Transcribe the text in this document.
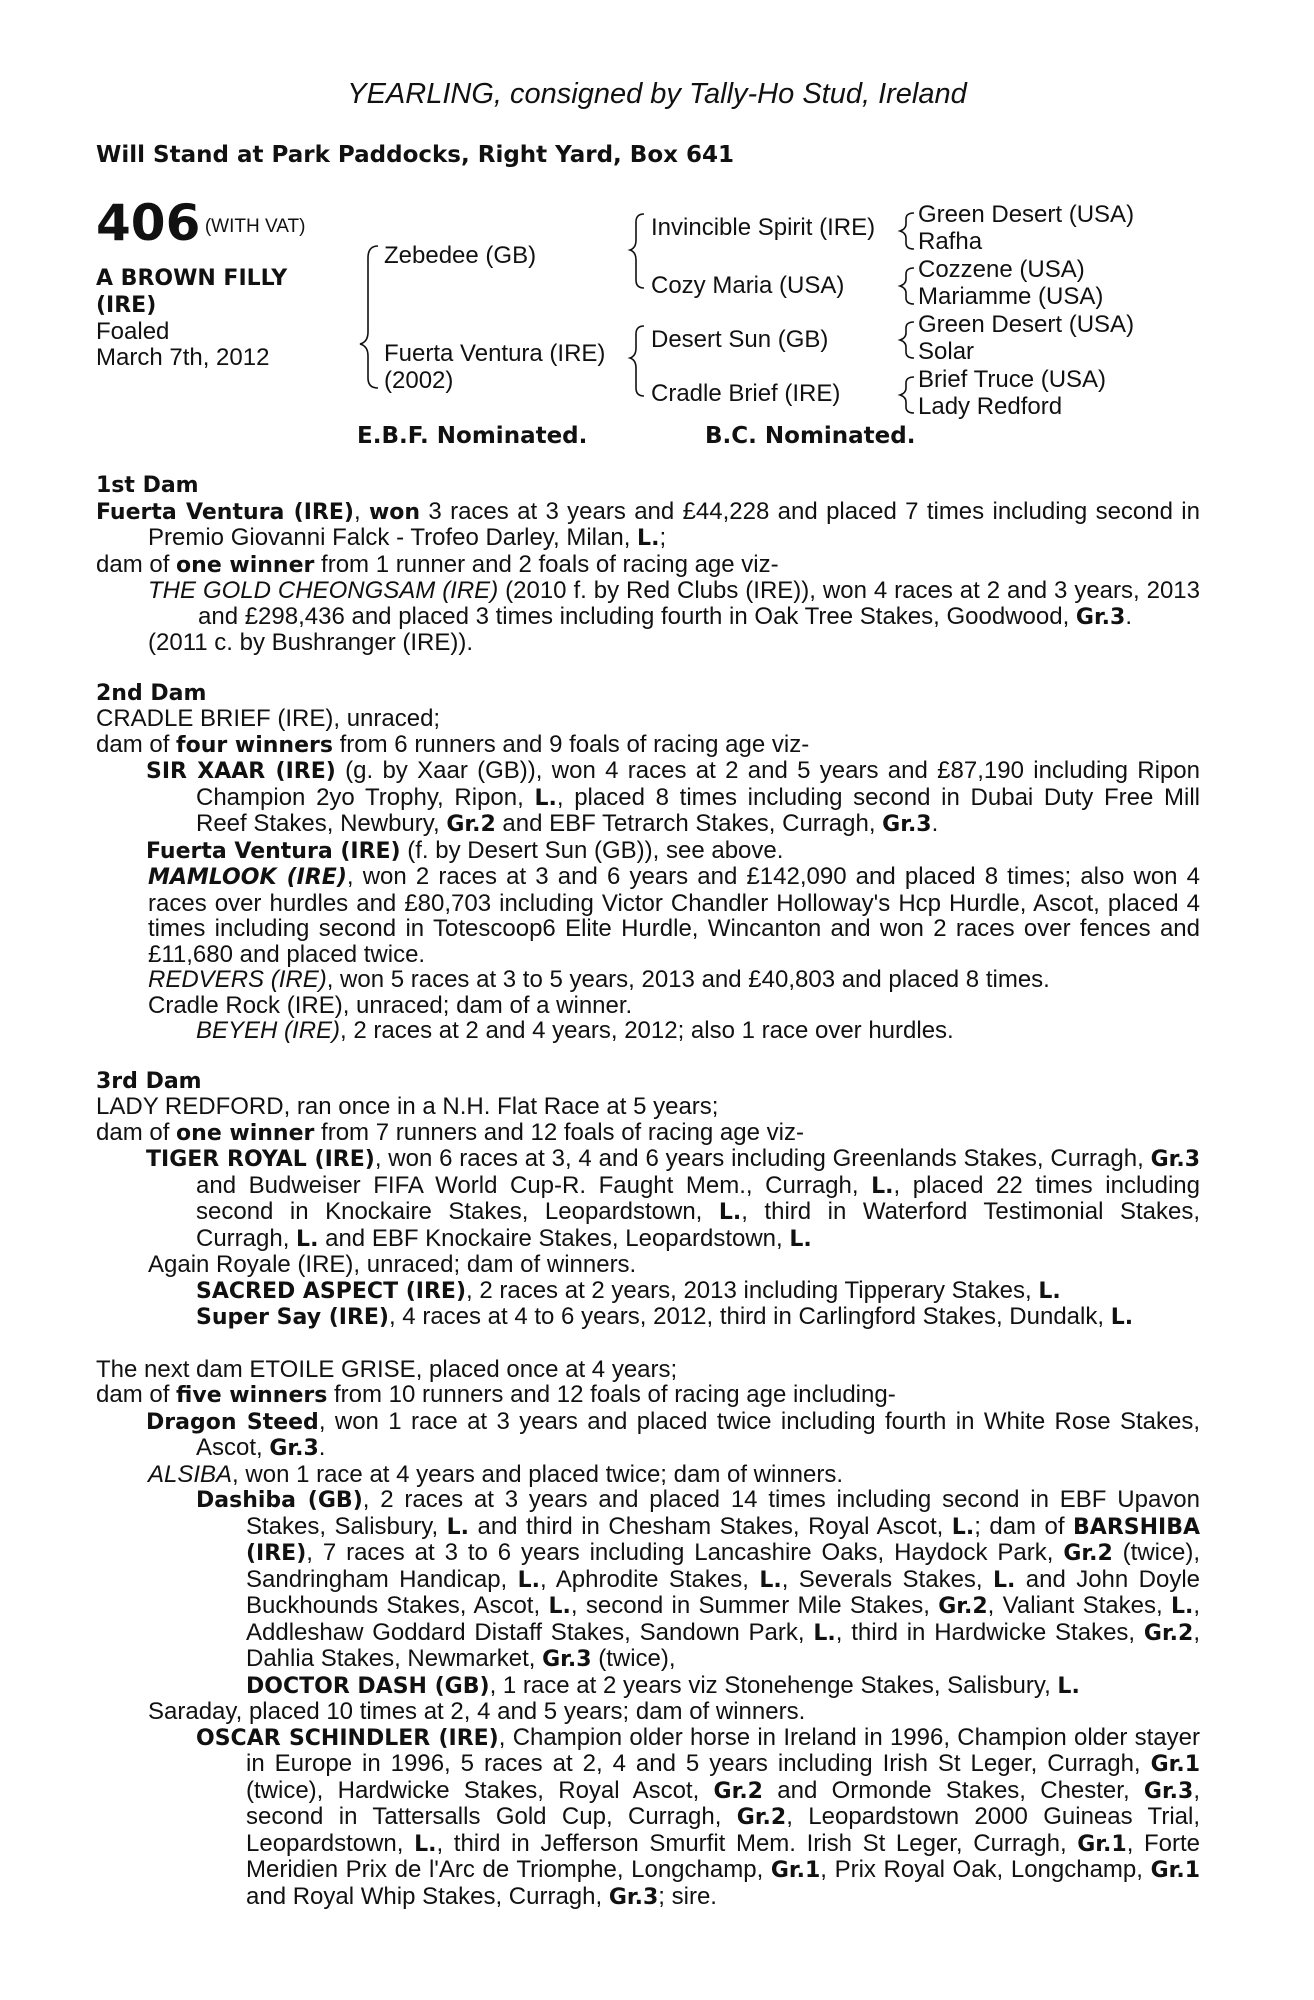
YEARLING, consigned by Tally-Ho Stud, Ireland
Will Stand at Park Paddocks, Right Yard, Box 641
406 (WITH VAT)
A BROWN FILLY
(IRE)
Foaled
March 7th, 2012
Zebedee (GB)
Fuerta Ventura (IRE)
(2002)
Invincible Spirit (IRE)
Cozy Maria (USA)
Desert Sun (GB)
Cradle Brief (IRE)
Green Desert (USA)
Rafha
Cozzene (USA)
Mariamme (USA)
Green Desert (USA)
Solar
Brief Truce (USA)
Lady Redford
E.B.F. Nominated.	B.C. Nominated.
1st Dam
Fuerta Ventura (IRE), won 3 races at 3 years and £44,228 and placed 7 times including second in Premio Giovanni Falck - Trofeo Darley, Milan, L.;
dam of one winner from 1 runner and 2 foals of racing age viz-
THE GOLD CHEONGSAM (IRE) (2010 f. by Red Clubs (IRE)), won 4 races at 2 and 3 years, 2013 and £298,436 and placed 3 times including fourth in Oak Tree Stakes, Goodwood, Gr.3.
(2011 c. by Bushranger (IRE)).
2nd Dam
CRADLE BRIEF (IRE), unraced;
dam of four winners from 6 runners and 9 foals of racing age viz-
SIR XAAR (IRE) (g. by Xaar (GB)), won 4 races at 2 and 5 years and £87,190 including Ripon Champion 2yo Trophy, Ripon, L., placed 8 times including second in Dubai Duty Free Mill Reef Stakes, Newbury, Gr.2 and EBF Tetrarch Stakes, Curragh, Gr.3.
Fuerta Ventura (IRE) (f. by Desert Sun (GB)), see above.
MAMLOOK (IRE), won 2 races at 3 and 6 years and £142,090 and placed 8 times; also won 4 races over hurdles and £80,703 including Victor Chandler Holloway's Hcp Hurdle, Ascot, placed 4 times including second in Totescoop6 Elite Hurdle, Wincanton and won 2 races over fences and £11,680 and placed twice.
REDVERS (IRE), won 5 races at 3 to 5 years, 2013 and £40,803 and placed 8 times.
Cradle Rock (IRE), unraced; dam of a winner.
BEYEH (IRE), 2 races at 2 and 4 years, 2012; also 1 race over hurdles.
3rd Dam
LADY REDFORD, ran once in a N.H. Flat Race at 5 years;
dam of one winner from 7 runners and 12 foals of racing age viz-
TIGER ROYAL (IRE), won 6 races at 3, 4 and 6 years including Greenlands Stakes, Curragh, Gr.3 and Budweiser FIFA World Cup-R. Faught Mem., Curragh, L., placed 22 times including second in Knockaire Stakes, Leopardstown, L., third in Waterford Testimonial Stakes, Curragh, L. and EBF Knockaire Stakes, Leopardstown, L.
Again Royale (IRE), unraced; dam of winners.
SACRED ASPECT (IRE), 2 races at 2 years, 2013 including Tipperary Stakes, L.
Super Say (IRE), 4 races at 4 to 6 years, 2012, third in Carlingford Stakes, Dundalk, L.
The next dam ETOILE GRISE, placed once at 4 years;
dam of five winners from 10 runners and 12 foals of racing age including-
Dragon Steed, won 1 race at 3 years and placed twice including fourth in White Rose Stakes, Ascot, Gr.3.
ALSIBA, won 1 race at 4 years and placed twice; dam of winners.
Dashiba (GB), 2 races at 3 years and placed 14 times including second in EBF Upavon Stakes, Salisbury, L. and third in Chesham Stakes, Royal Ascot, L.; dam of BARSHIBA (IRE), 7 races at 3 to 6 years including Lancashire Oaks, Haydock Park, Gr.2 (twice), Sandringham Handicap, L., Aphrodite Stakes, L., Severals Stakes, L. and John Doyle Buckhounds Stakes, Ascot, L., second in Summer Mile Stakes, Gr.2, Valiant Stakes, L., Addleshaw Goddard Distaff Stakes, Sandown Park, L., third in Hardwicke Stakes, Gr.2, Dahlia Stakes, Newmarket, Gr.3 (twice),
DOCTOR DASH (GB), 1 race at 2 years viz Stonehenge Stakes, Salisbury, L.
Saraday, placed 10 times at 2, 4 and 5 years; dam of winners.
OSCAR SCHINDLER (IRE), Champion older horse in Ireland in 1996, Champion older stayer in Europe in 1996, 5 races at 2, 4 and 5 years including Irish St Leger, Curragh, Gr.1 (twice), Hardwicke Stakes, Royal Ascot, Gr.2 and Ormonde Stakes, Chester, Gr.3, second in Tattersalls Gold Cup, Curragh, Gr.2, Leopardstown 2000 Guineas Trial, Leopardstown, L., third in Jefferson Smurfit Mem. Irish St Leger, Curragh, Gr.1, Forte Meridien Prix de l'Arc de Triomphe, Longchamp, Gr.1, Prix Royal Oak, Longchamp, Gr.1 and Royal Whip Stakes, Curragh, Gr.3; sire.
